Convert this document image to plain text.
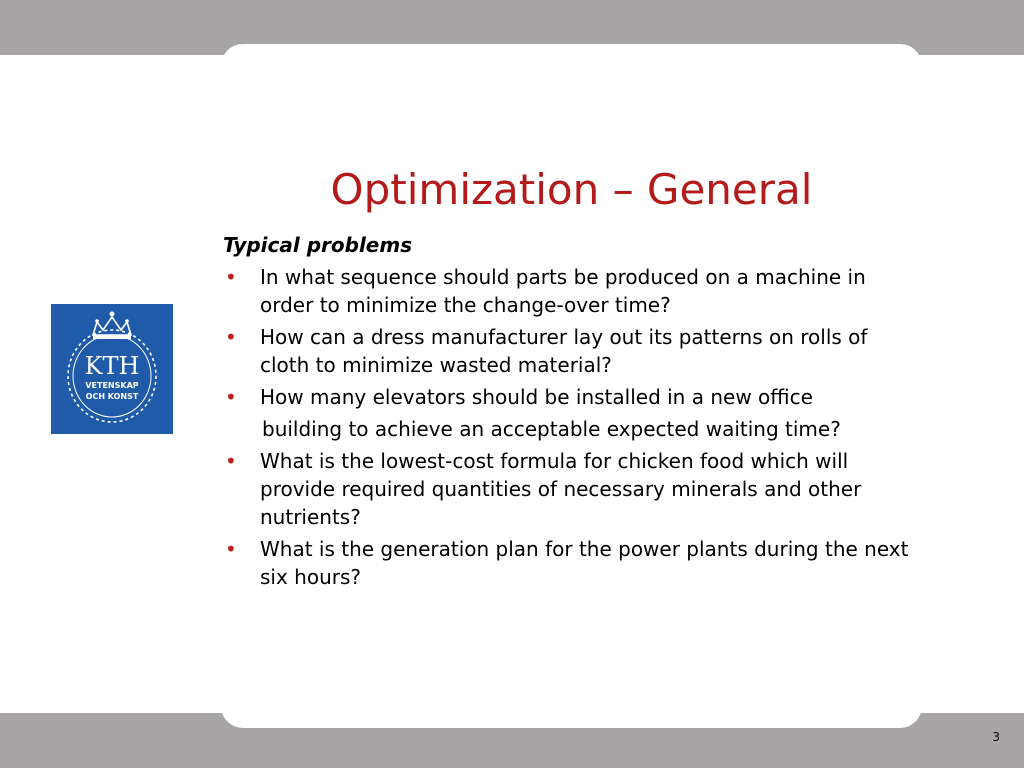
KTH
VETENSKAP
OCH KONST
Optimization – General
Typical problems
• In what sequence should parts be produced on a machine in order to minimize the change-over time?
• How can a dress manufacturer lay out its patterns on rolls of cloth to minimize wasted material?
• How many elevators should be installed in a new office
building to achieve an acceptable expected waiting time?
• What is the lowest-cost formula for chicken food which will provide required quantities of necessary minerals and other nutrients?
• What is the generation plan for the power plants during the next six hours?
3
